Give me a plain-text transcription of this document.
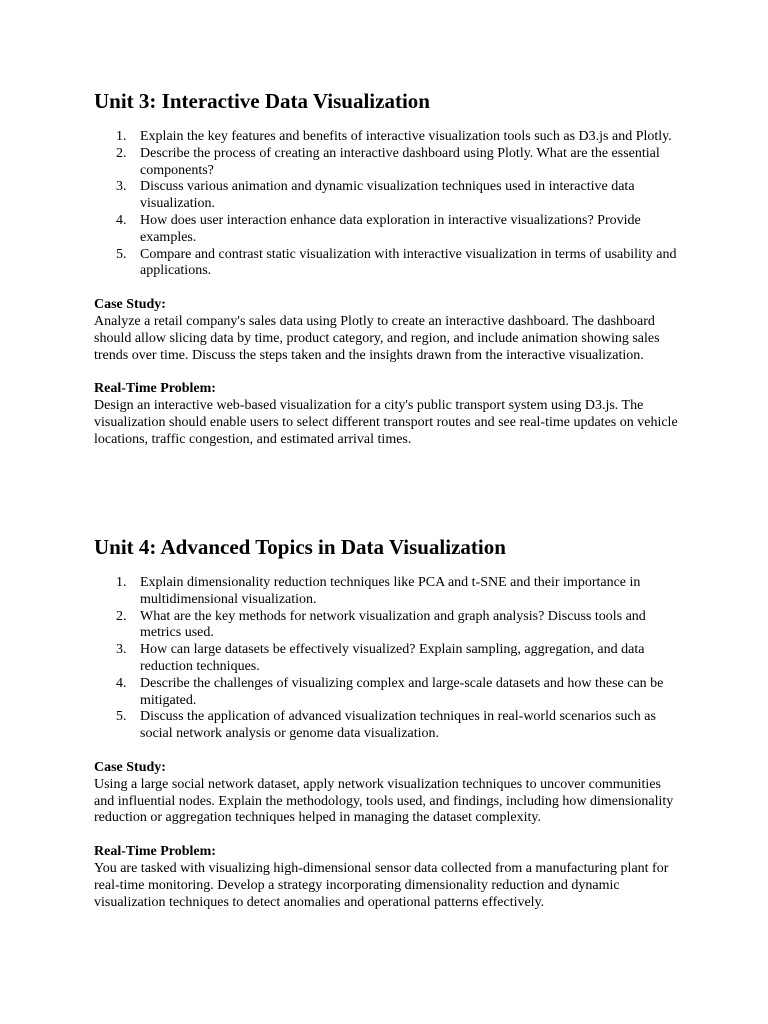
Unit 3: Interactive Data Visualization
1. Explain the key features and benefits of interactive visualization tools such as D3.js and Plotly.
2. Describe the process of creating an interactive dashboard using Plotly. What are the essential components?
3. Discuss various animation and dynamic visualization techniques used in interactive data visualization.
4. How does user interaction enhance data exploration in interactive visualizations? Provide examples.
5. Compare and contrast static visualization with interactive visualization in terms of usability and applications.
Case Study:
Analyze a retail company's sales data using Plotly to create an interactive dashboard. The dashboard should allow slicing data by time, product category, and region, and include animation showing sales trends over time. Discuss the steps taken and the insights drawn from the interactive visualization.
Real-Time Problem:
Design an interactive web-based visualization for a city's public transport system using D3.js. The visualization should enable users to select different transport routes and see real-time updates on vehicle locations, traffic congestion, and estimated arrival times.
Unit 4: Advanced Topics in Data Visualization
1. Explain dimensionality reduction techniques like PCA and t-SNE and their importance in multidimensional visualization.
2. What are the key methods for network visualization and graph analysis? Discuss tools and metrics used.
3. How can large datasets be effectively visualized? Explain sampling, aggregation, and data reduction techniques.
4. Describe the challenges of visualizing complex and large-scale datasets and how these can be mitigated.
5. Discuss the application of advanced visualization techniques in real-world scenarios such as social network analysis or genome data visualization.
Case Study:
Using a large social network dataset, apply network visualization techniques to uncover communities and influential nodes. Explain the methodology, tools used, and findings, including how dimensionality reduction or aggregation techniques helped in managing the dataset complexity.
Real-Time Problem:
You are tasked with visualizing high-dimensional sensor data collected from a manufacturing plant for real-time monitoring. Develop a strategy incorporating dimensionality reduction and dynamic visualization techniques to detect anomalies and operational patterns effectively.
